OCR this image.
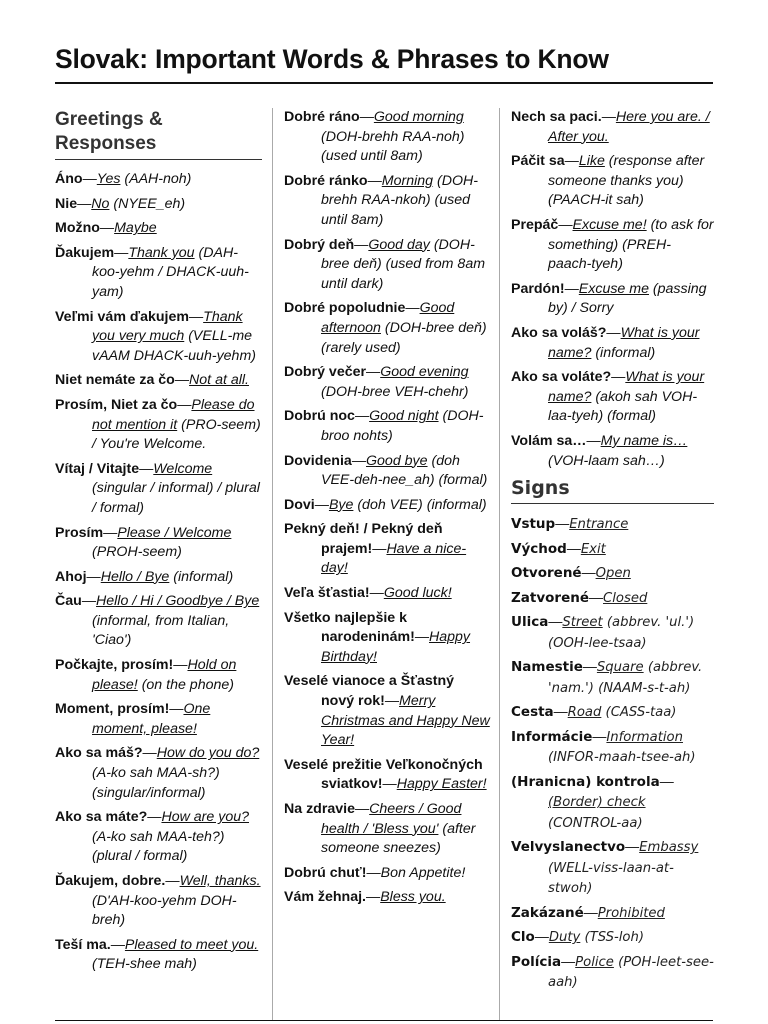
Slovak: Important Words & Phrases to Know
Greetings & Responses
Áno—Yes (AAH-noh)
Nie—No (NYEE_eh)
Možno—Maybe
Ďakujem—Thank you (DAH-koo-yehm / DHACK-uuh-yam)
Veľmi vám ďakujem—Thank you very much (VELL-me vAAM DHACK-uuh-yehm)
Niet nemáte za čo—Not at all.
Prosím, Niet za čo—Please do not mention it (PRO-seem) / You're Welcome.
Vítaj / Vitajte—Welcome (singular / informal) / plural / formal)
Prosím—Please / Welcome (PROH-seem)
Ahoj—Hello / Bye (informal)
Čau—Hello / Hi / Goodbye / Bye (informal, from Italian, 'Ciao')
Počkajte, prosím!—Hold on please! (on the phone)
Moment, prosím!—One moment, please!
Ako sa máš?—How do you do? (A-ko sah MAA-sh?) (singular/informal)
Ako sa máte?—How are you? (A-ko sah MAA-teh?) (plural / formal)
Ďakujem, dobre.—Well, thanks. (D'AH-koo-yehm DOH-breh)
Teší ma.—Pleased to meet you. (TEH-shee mah)
Dobré ráno—Good morning (DOH-brehh RAA-noh) (used until 8am)
Dobré ránko—Morning (DOH-brehh RAA-nkoh) (used until 8am)
Dobrý deň—Good day (DOH-bree deň) (used from 8am until dark)
Dobré popoludnie—Good afternoon (DOH-bree deň) (rarely used)
Dobrý večer—Good evening (DOH-bree VEH-chehr)
Dobrú noc—Good night (DOH-broo nohts)
Dovidenia—Good bye (doh VEE-deh-nee_ah) (formal)
Dovi—Bye (doh VEE) (informal)
Pekný deň! / Pekný deň prajem!—Have a nice-day!
Veľa šťastia!—Good luck!
Všetko najlepšie k narodeninám!—Happy Birthday!
Veselé vianoce a Šťastný nový rok!—Merry Christmas and Happy New Year!
Veselé prežitie Veľkonočných sviatkov!—Happy Easter!
Na zdravie—Cheers / Good health / 'Bless you' (after someone sneezes)
Dobrú chuť!—Bon Appetite!
Vám žehnaj.—Bless you.
Nech sa paci.—Here you are. / After you.
Páčit sa—Like (response after someone thanks you) (PAACH-it sah)
Prepáč—Excuse me! (to ask for something) (PREH-paach-tyeh)
Pardón!—Excuse me (passing by) / Sorry
Ako sa voláš?—What is your name? (informal)
Ako sa voláte?—What is your name? (akoh sah VOH-laa-tyeh) (formal)
Volám sa…—My name is… (VOH-laam sah…)
Signs
Vstup—Entrance
Východ—Exit
Otvorené—Open
Zatvorené—Closed
Ulica—Street (abbrev. 'ul.') (OOH-lee-tsaa)
Namestie—Square (abbrev. 'nam.') (NAAM-s-t-ah)
Cesta—Road (CASS-taa)
Informácie—Information (INFOR-maah-tsee-ah)
(Hranicna) kontrola—(Border) check (CONTROL-aa)
Velvyslanectvo—Embassy (WELL-viss-laan-at-stwoh)
Zakázané—Prohibited
Clo—Duty (TSS-loh)
Polícia—Police (POH-leet-see-aah)
